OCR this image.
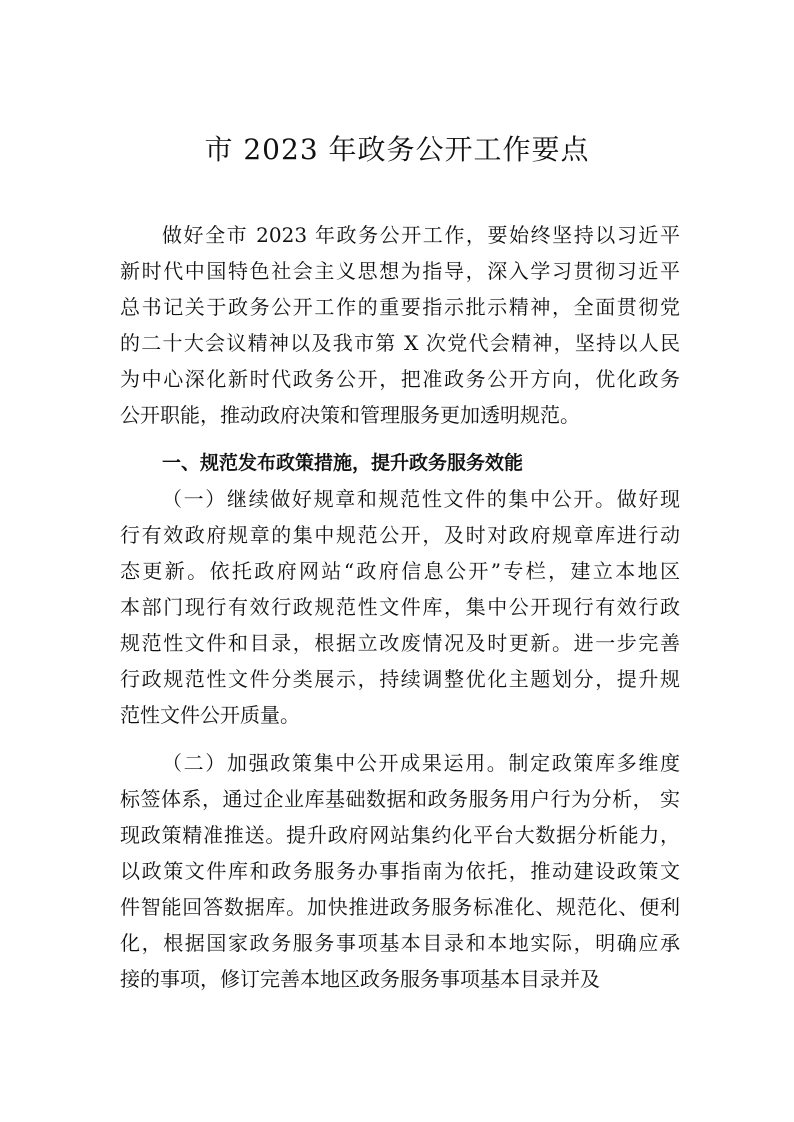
市 2023 年政务公开工作要点
做好全市 2023 年政务公开工作，要始终坚持以习近平
新时代中国特色社会主义思想为指导，深入学习贯彻习近平
总书记关于政务公开工作的重要指示批示精神，全面贯彻党
的二十大会议精神以及我市第 X 次党代会精神，坚持以人民
为中心深化新时代政务公开，把准政务公开方向，优化政务
公开职能，推动政府决策和管理服务更加透明规范。
一、规范发布政策措施，提升政务服务效能
（一）继续做好规章和规范性文件的集中公开。做好现
行有效政府规章的集中规范公开，及时对政府规章库进行动
态更新。依托政府网站“政府信息公开”专栏，建立本地区
本部门现行有效行政规范性文件库，集中公开现行有效行政
规范性文件和目录，根据立改废情况及时更新。进一步完善
行政规范性文件分类展示，持续调整优化主题划分，提升规
范性文件公开质量。
（二）加强政策集中公开成果运用。制定政策库多维度
标签体系，通过企业库基础数据和政务服务用户行为分析， 实
现政策精准推送。提升政府网站集约化平台大数据分析能力，
以政策文件库和政务服务办事指南为依托，推动建设政策文
件智能回答数据库。加快推进政务服务标准化、规范化、便利
化，根据国家政务服务事项基本目录和本地实际，明确应承
接的事项，修订完善本地区政务服务事项基本目录并及
